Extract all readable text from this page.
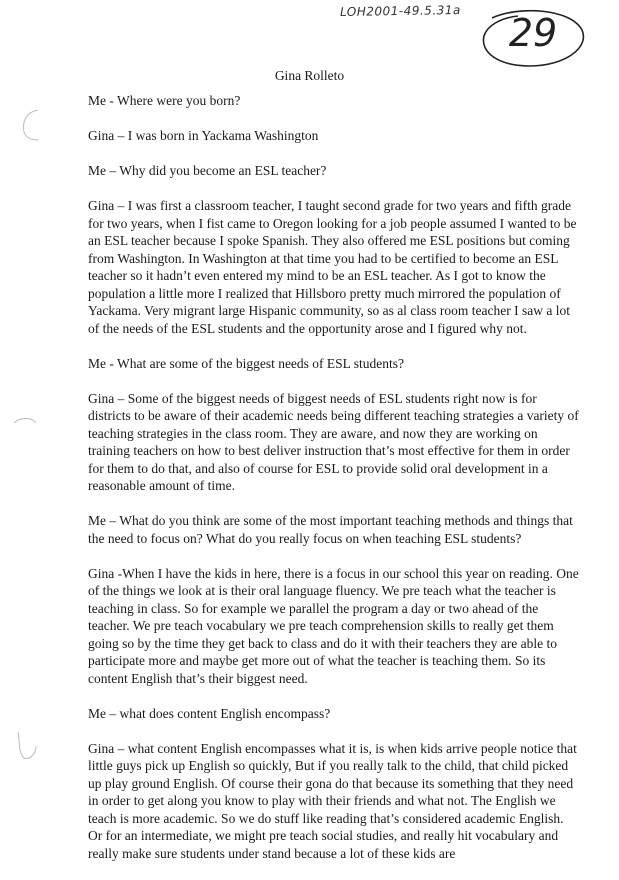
LOH2001-49.5.31a
29
Gina Rolleto

Me - Where were you born?

Gina – I was born in Yackama Washington

Me – Why did you become an ESL teacher?

Gina – I was first a classroom teacher, I taught second grade for two years and fifth grade for two years, when I fist came to Oregon looking for a job people assumed I wanted to be an ESL teacher because I spoke Spanish. They also offered me ESL positions but coming from Washington. In Washington at that time you had to be certified to become an ESL teacher so it hadn’t even entered my mind to be an ESL teacher. As I got to know the population a little more I realized that Hillsboro pretty much mirrored the population of Yackama. Very migrant large Hispanic community, so as al class room teacher I saw a lot of the needs of the ESL students and the opportunity arose and I figured why not.

Me - What are some of the biggest needs of ESL students?

Gina – Some of the biggest needs of biggest needs of ESL students right now is for districts to be aware of their academic needs being different teaching strategies a variety of teaching strategies in the class room. They are aware, and now they are working on training teachers on how to best deliver instruction that’s most effective for them in order for them to do that, and also of course for ESL to provide solid oral development in a reasonable amount of time.

Me – What do you think are some of the most important teaching methods and things that the need to focus on? What do you really focus on when teaching ESL students?

Gina -When I have the kids in here, there is a focus in our school this year on reading. One of the things we look at is their oral language fluency. We pre teach what the teacher is teaching in class. So for example we parallel the program a day or two ahead of the teacher. We pre teach vocabulary we pre teach comprehension skills to really get them going so by the time they get back to class and do it with their teachers they are able to participate more and maybe get more out of what the teacher is teaching them. So its content English that’s their biggest need.

Me – what does content English encompass?

Gina – what content English encompasses what it is, is when kids arrive people notice that little guys pick up English so quickly, But if you really talk to the child, that child picked up play ground English. Of course their gona do that because its something that they need in order to get along you know to play with their friends and what not. The English we teach is more academic. So we do stuff like reading that’s considered academic English. Or for an intermediate, we might pre teach social studies, and really hit vocabulary and really make sure students under stand because a lot of these kids are
